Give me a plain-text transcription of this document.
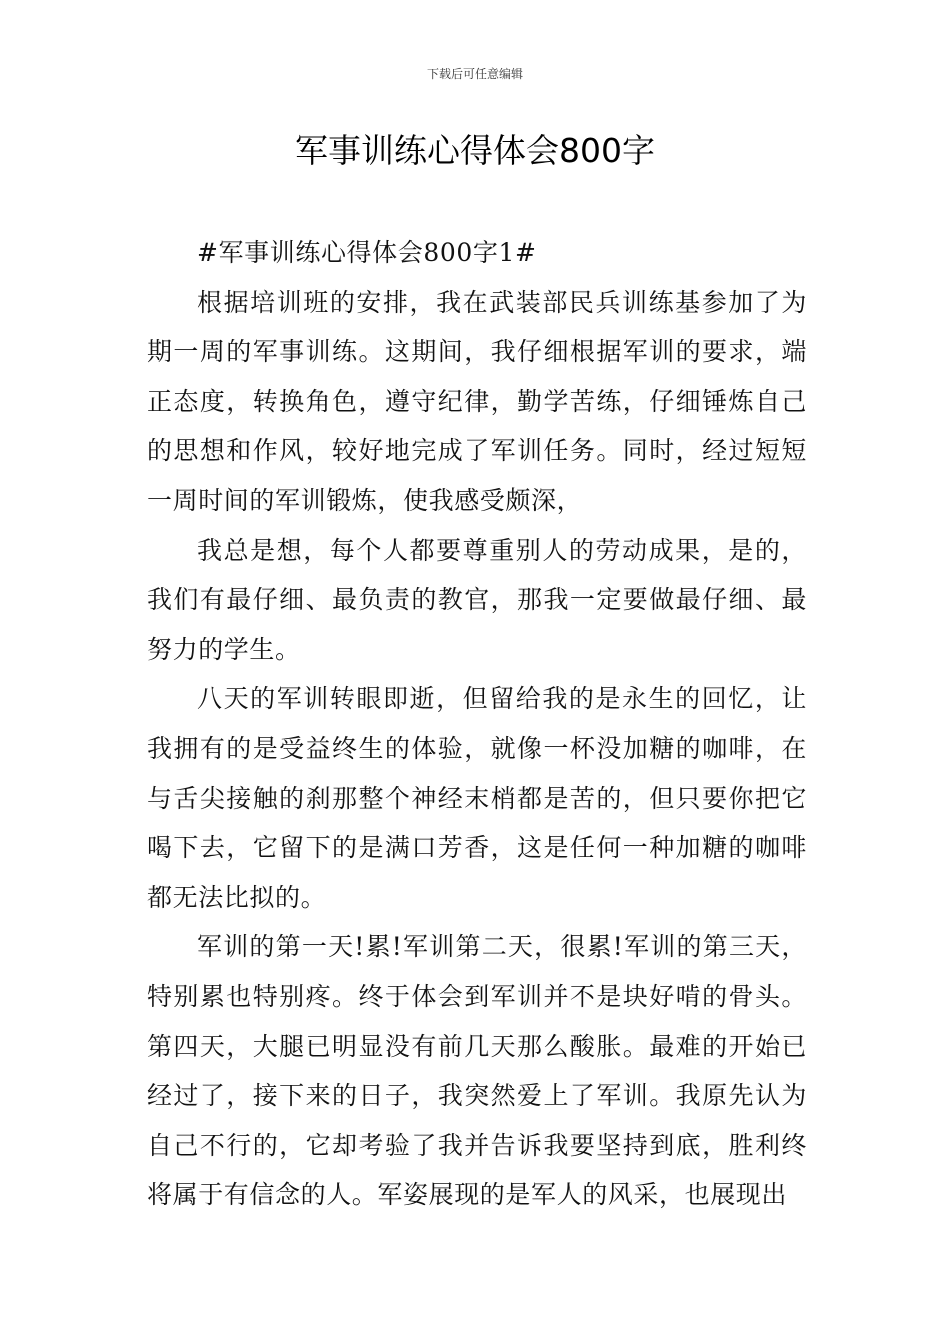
下载后可任意编辑
军事训练心得体会800字

#军事训练心得体会800字1#

根据培训班的安排，我在武装部民兵训练基参加了为期一周的军事训练。这期间，我仔细根据军训的要求，端正态度，转换角色，遵守纪律，勤学苦练，仔细锤炼自己的思想和作风，较好地完成了军训任务。同时，经过短短一周时间的军训锻炼，使我感受颇深，

我总是想，每个人都要尊重别人的劳动成果，是的，我们有最仔细、最负责的教官，那我一定要做最仔细、最努力的学生。

八天的军训转眼即逝，但留给我的是永生的回忆，让我拥有的是受益终生的体验，就像一杯没加糖的咖啡，在与舌尖接触的刹那整个神经末梢都是苦的，但只要你把它喝下去，它留下的是满口芳香，这是任何一种加糖的咖啡都无法比拟的。

军训的第一天!累!军训第二天，很累!军训的第三天，特别累也特别疼。终于体会到军训并不是块好啃的骨头。第四天，大腿已明显没有前几天那么酸胀。最难的开始已经过了，接下来的日子，我突然爱上了军训。我原先认为自己不行的，它却考验了我并告诉我要坚持到底，胜利终将属于有信念的人。军姿展现的是军人的风采，也展现出
